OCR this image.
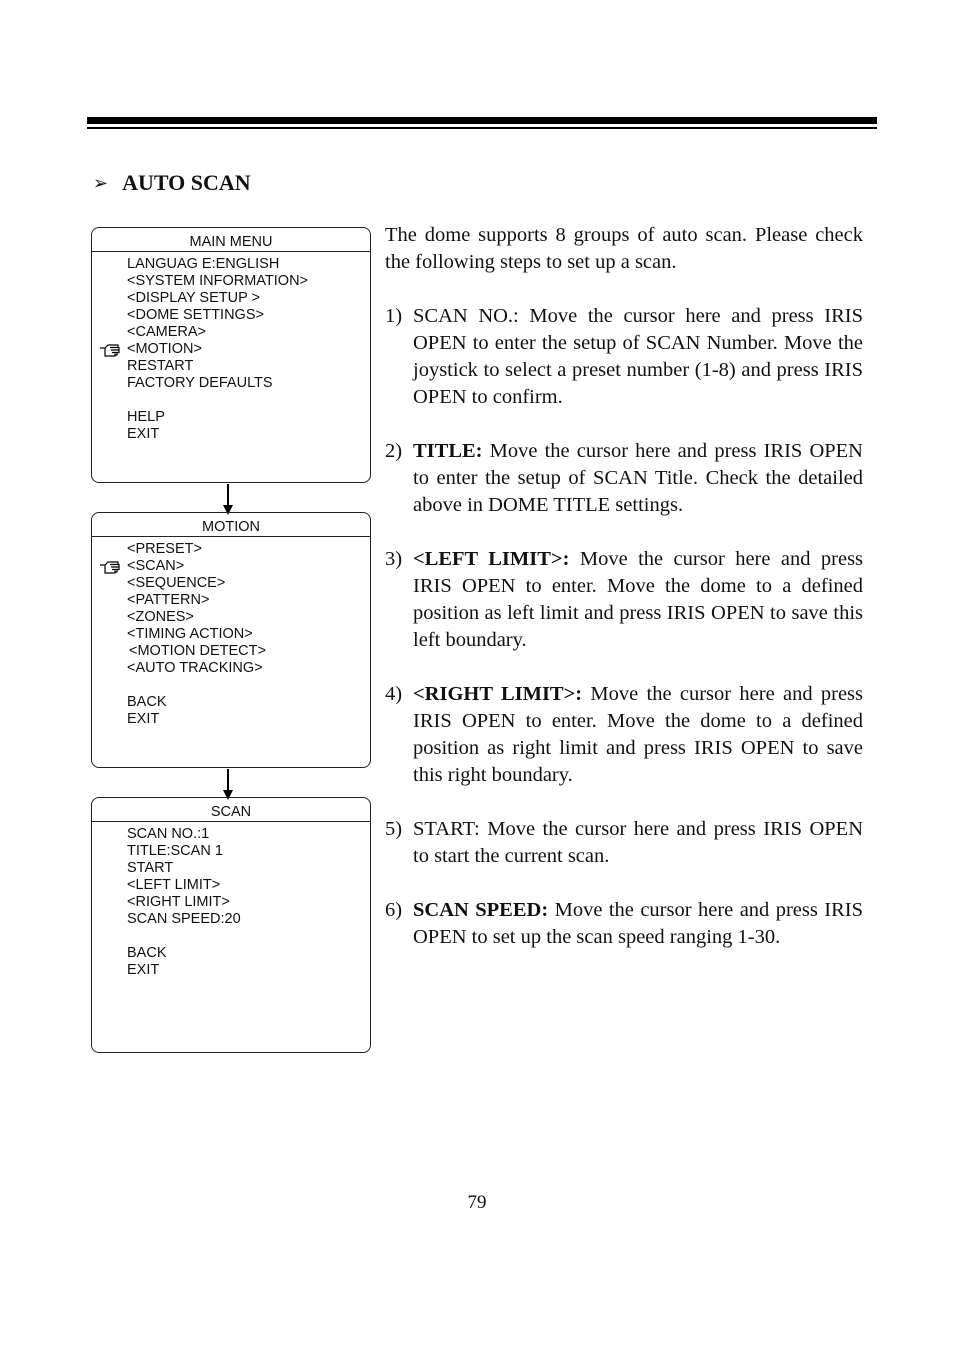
➢ AUTO SCAN
MAIN MENU
LANGUAG E:ENGLISH
<SYSTEM INFORMATION>
<DISPLAY SETUP >
<DOME SETTINGS>
<CAMERA>
<MOTION>
RESTART
FACTORY DEFAULTS
HELP
EXIT
MOTION
<PRESET>
<SCAN>
<SEQUENCE>
<PATTERN>
<ZONES>
<TIMING ACTION>
<MOTION DETECT>
<AUTO TRACKING>
BACK
EXIT
SCAN
SCAN NO.:1
TITLE:SCAN 1
START
<LEFT LIMIT>
<RIGHT LIMIT>
SCAN SPEED:20
BACK
EXIT

The dome supports 8 groups of auto scan. Please check the following steps to set up a scan.

1) SCAN NO.: Move the cursor here and press IRIS OPEN to enter the setup of SCAN Number. Move the joystick to select a preset number (1-8) and press IRIS OPEN to confirm.
2) TITLE: Move the cursor here and press IRIS OPEN to enter the setup of SCAN Title. Check the detailed above in DOME TITLE settings.
3) <LEFT LIMIT>: Move the cursor here and press IRIS OPEN to enter. Move the dome to a defined position as left limit and press IRIS OPEN to save this left boundary.
4) <RIGHT LIMIT>: Move the cursor here and press IRIS OPEN to enter. Move the dome to a defined position as right limit and press IRIS OPEN to save this right boundary.
5) START: Move the cursor here and press IRIS OPEN to start the current scan.
6) SCAN SPEED: Move the cursor here and press IRIS OPEN to set up the scan speed ranging 1-30.
79
